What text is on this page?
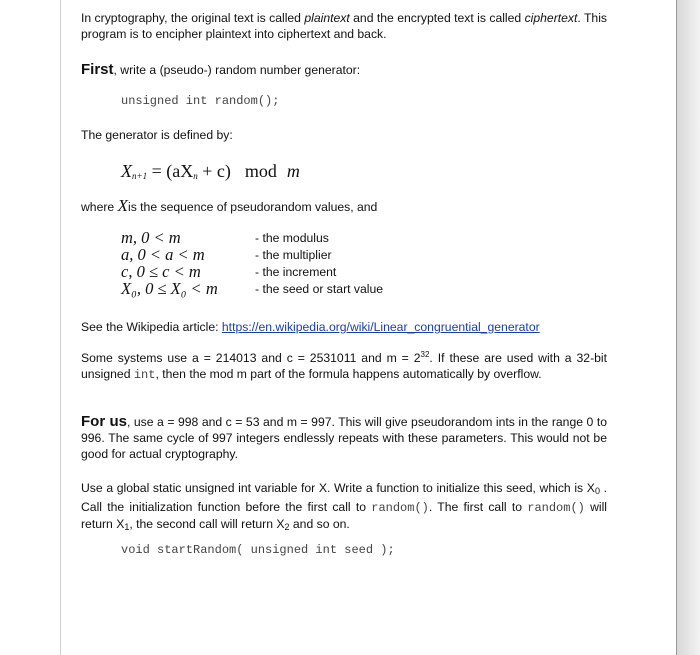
In cryptography, the original text is called plaintext and the encrypted text is called ciphertext. This program is to encipher plaintext into ciphertext and back.

First, write a (pseudo-) random number generator:

unsigned int random();

The generator is defined by:

$X_{n+1} = (aX_n + c)$ mod m

where Xis the sequence of pseudorandom values, and

m, 0 < m	- the modulus
a, 0 < a < m	- the multiplier
c, 0 ≤ c < m	- the increment
X₀, 0 ≤ X₀ < m	- the seed or start value

See the Wikipedia article: https://en.wikipedia.org/wiki/Linear_congruential_generator

Some systems use a = 214013 and c = 2531011 and $m = 2^{32}$. If these are used with a 32-bit unsigned int, then the mod m part of the formula happens automatically by overflow.

For us, use a = 998 and c = 53 and m = 997. This will give pseudorandom ints in the range 0 to 996. The same cycle of 997 integers endlessly repeats with these parameters. This would not be good for actual cryptography.

Use a global static unsigned int variable for X. Write a function to initialize this seed, which is $X_0$ . Call the initialization function before the first call to random(). The first call to random() will return $X_1$, the second call will return $X_2$ and so on.

void startRandom( unsigned int seed );
